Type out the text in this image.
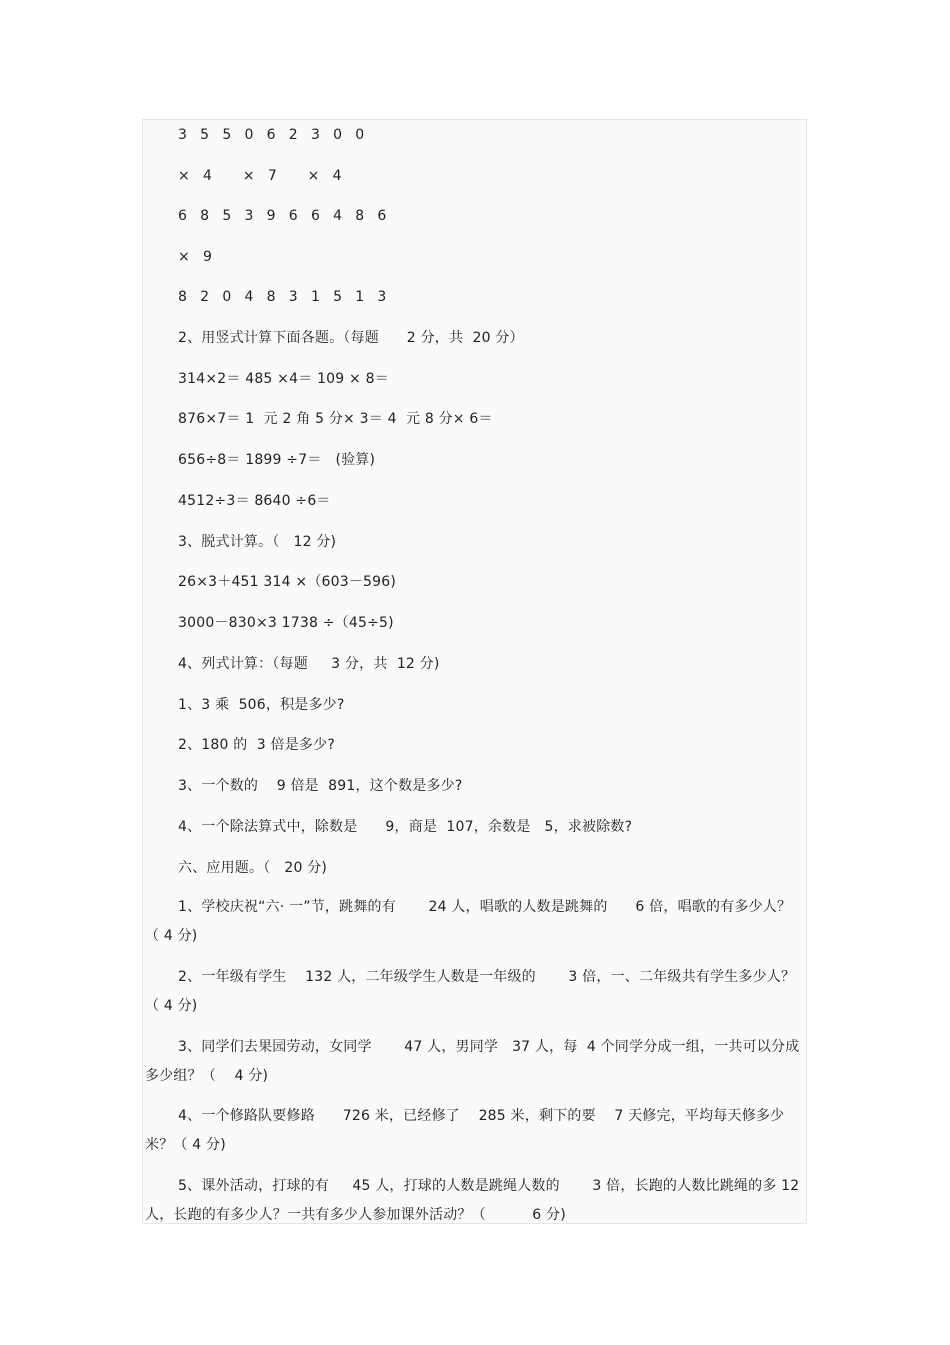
3 5 5 0 6 2 3 0 0
× 4   × 7   × 4
6 8 5 3 9 6 6 4 8 6
× 9
8 2 0 4 8 3 1 5 1 3
2、用竖式计算下面各题。（每题      2 分，共  20 分）
314×2＝ 485 ×4＝ 109 × 8＝
876×7＝ 1  元 2 角 5 分× 3＝ 4  元 8 分× 6＝
656÷8＝ 1899 ÷7＝   (验算)
4512÷3＝ 8640 ÷6＝
3、脱式计算。（   12 分)
26×3＋451 314 ×（603－596)
3000－830×3 1738 ÷（45÷5)
4、列式计算：（每题     3 分，共  12 分)
1、3 乘  506，积是多少?
2、180 的  3 倍是多少?
3、一个数的    9 倍是  891，这个数是多少?
4、一个除法算式中，除数是      9，商是  107，余数是   5，求被除数?
六、应用题。（   20 分)
1、学校庆祝“六· 一”节，跳舞的有       24 人，唱歌的人数是跳舞的      6 倍，唱歌的有多少人？（ 4 分)
2、一年级有学生    132 人，二年级学生人数是一年级的       3 倍，一、二年级共有学生多少人？（ 4 分)
3、同学们去果园劳动，女同学       47 人，男同学   37 人，每  4 个同学分成一组，一共可以分成多少组？（    4 分)
4、一个修路队要修路      726 米，已经修了    285 米，剩下的要    7 天修完，平均每天修多少米？（ 4 分)
5、课外活动，打球的有     45 人，打球的人数是跳绳人数的       3 倍，长跑的人数比跳绳的多 12 人，长跑的有多少人？一共有多少人参加课外活动？（          6 分)
